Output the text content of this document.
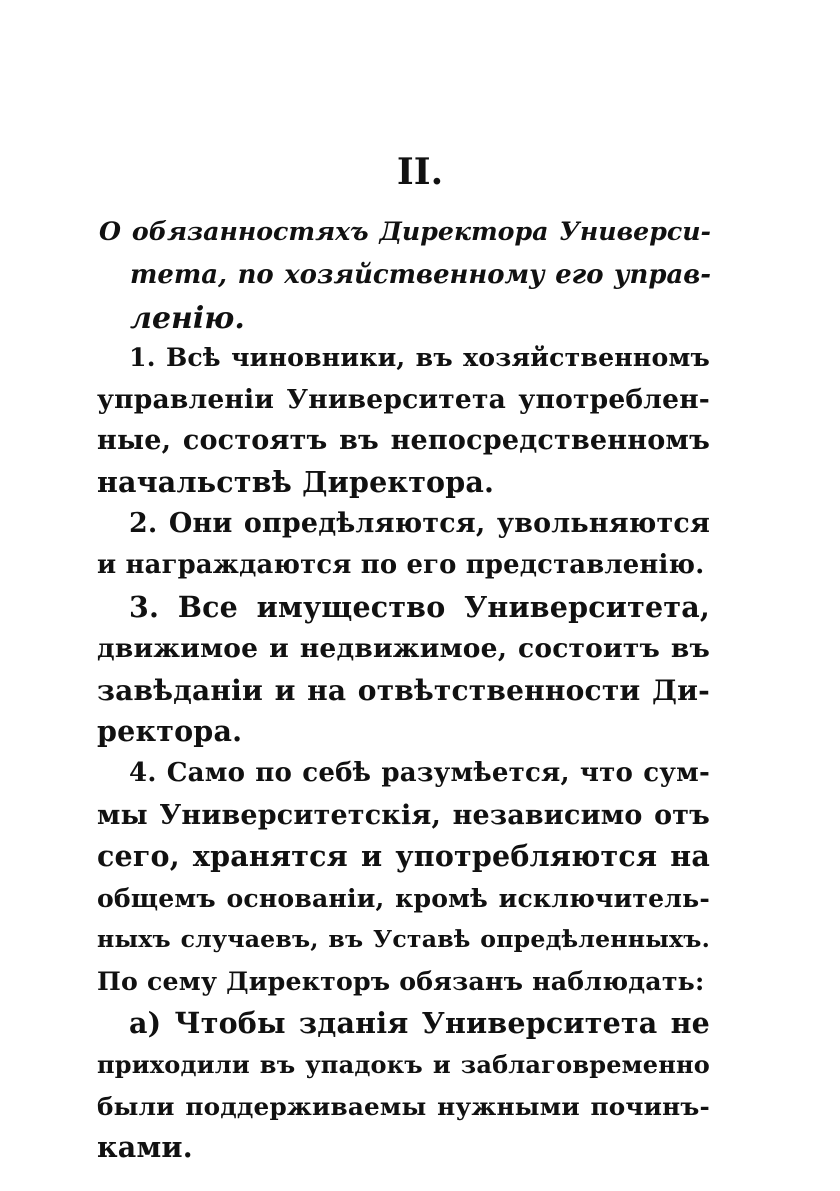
II.
О обязанностяхъ Директора Универси-
тета, по хозяйственному его управ-
ленiю.
1. Всѣ чиновники, въ хозяйственномъ
управленiи Университета употреблен-
ные, состоятъ въ непосредственномъ
начальствѣ Директора.
2. Они опредѣляются, увольняются
и награждаются по его представленiю.
3. Все имущество Университета,
движимое и недвижимое, состоитъ въ
завѣданiи и на отвѣтственности Ди-
ректора.
4. Само по себѣ разумѣется, что сум-
мы Университетскiя, независимо отъ
сего, хранятся и употребляются на
общемъ основанiи, кромѣ исключитель-
ныхъ случаевъ, въ Уставѣ опредѣленныхъ.
По сему Директоръ обязанъ наблюдать:
а) Чтобы зданiя Университета не
приходили въ упадокъ и заблаговременно
были поддерживаемы нужными починъ-
ками.
